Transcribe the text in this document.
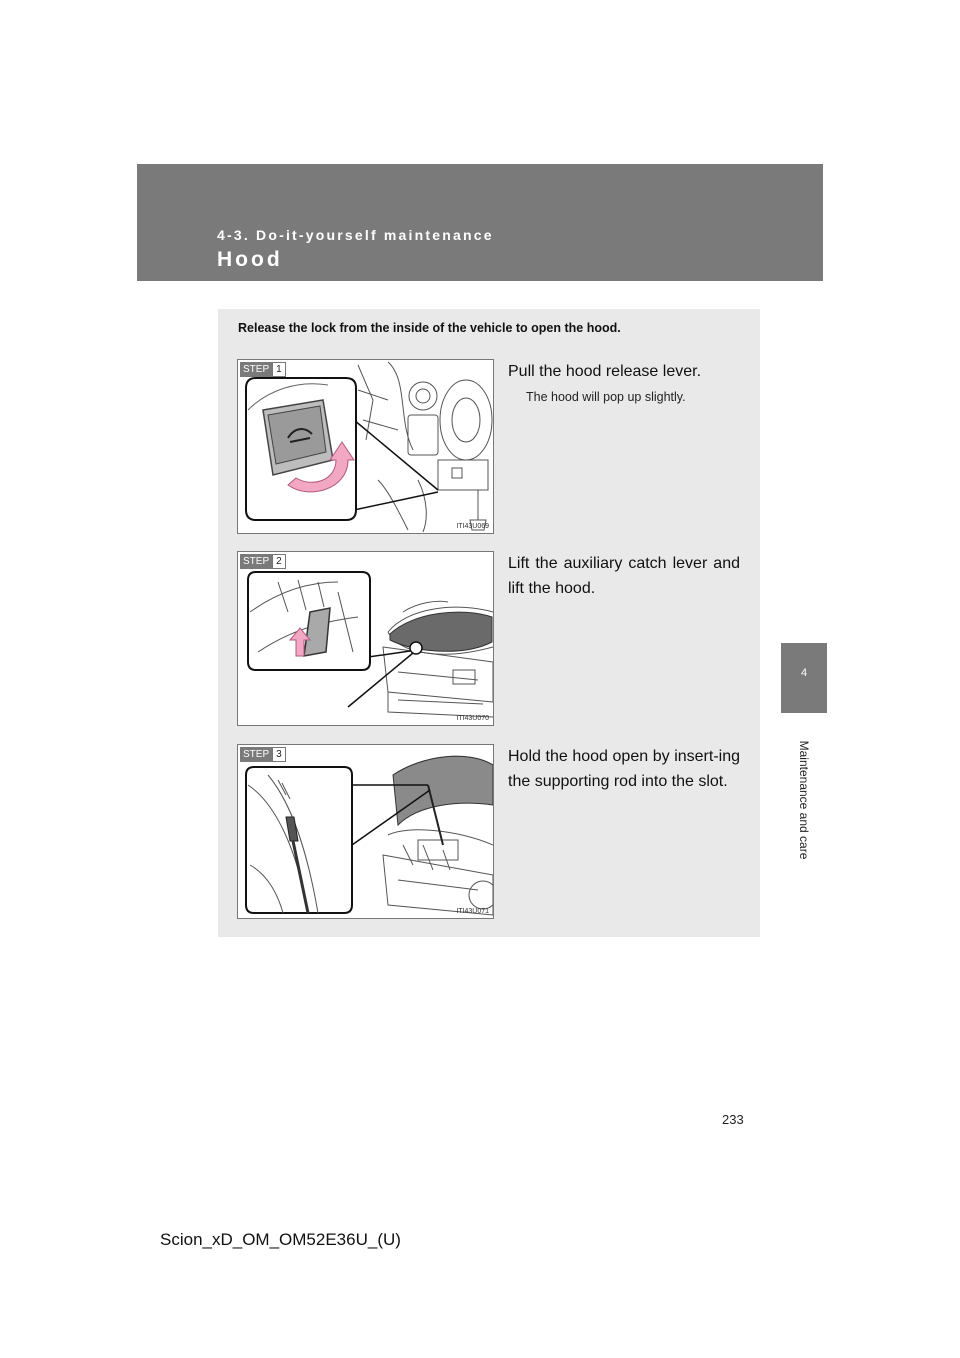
4-3. Do-it-yourself maintenance
Hood
4
Maintenance and care
Release the lock from the inside of the vehicle to open the hood.
STEP 1
ITI43U069
Pull the hood release lever.
The hood will pop up slightly.
STEP 2
ITI43U070
Lift the auxiliary catch lever and lift the hood.
STEP 3
ITI43U071
Hold the hood open by insert-ing the supporting rod into the slot.
233
Scion_xD_OM_OM52E36U_(U)
